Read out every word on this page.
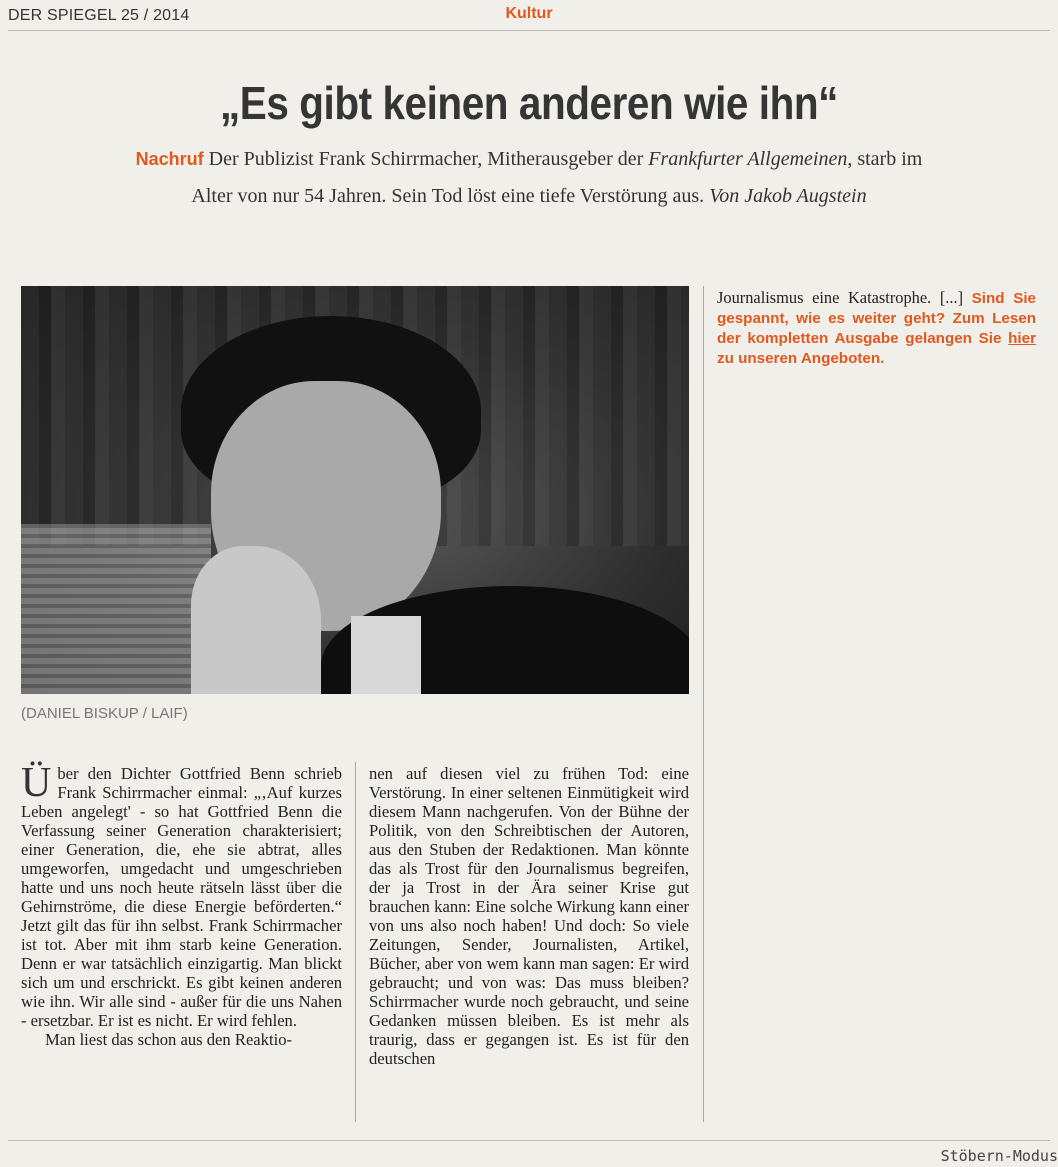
DER SPIEGEL 25 / 2014	Kultur
„Es gibt keinen anderen wie ihn“
Nachruf Der Publizist Frank Schirrmacher, Mitherausgeber der Frankfurter Allgemeinen, starb im Alter von nur 54 Jahren. Sein Tod löst eine tiefe Verstörung aus. Von Jakob Augstein
(DANIEL BISKUP / LAIF)

Über den Dichter Gottfried Benn schrieb Frank Schirrmacher einmal: „‚Auf kurzes Leben angelegt' - so hat Gottfried Benn die Verfassung seiner Generation charakterisiert; einer Generation, die, ehe sie abtrat, alles umgeworfen, umgedacht und umgeschrieben hatte und uns noch heute rätseln lässt über die Gehirnströme, die diese Energie beförderten.“ Jetzt gilt das für ihn selbst. Frank Schirrmacher ist tot. Aber mit ihm starb keine Generation. Denn er war tatsächlich einzigartig. Man blickt sich um und erschrickt. Es gibt keinen anderen wie ihn. Wir alle sind - außer für die uns Nahen - ersetzbar. Er ist es nicht. Er wird fehlen.

Man liest das schon aus den Reaktio-

nen auf diesen viel zu frühen Tod: eine Verstörung. In einer seltenen Einmütigkeit wird diesem Mann nachgerufen. Von der Bühne der Politik, von den Schreibtischen der Autoren, aus den Stuben der Redaktionen. Man könnte das als Trost für den Journalismus begreifen, der ja Trost in der Ära seiner Krise gut brauchen kann: Eine solche Wirkung kann einer von uns also noch haben! Und doch: So viele Zeitungen, Sender, Journalisten, Artikel, Bücher, aber von wem kann man sagen: Er wird gebraucht; und von was: Das muss bleiben? Schirrmacher wurde noch gebraucht, und seine Gedanken müssen bleiben. Es ist mehr als traurig, dass er gegangen ist. Es ist für den deutschen

Journalismus eine Katastrophe. [...] Sind Sie gespannt, wie es weiter geht? Zum Lesen der kompletten Ausgabe gelangen Sie hier zu unseren Angeboten.
Stöbern-Modus
